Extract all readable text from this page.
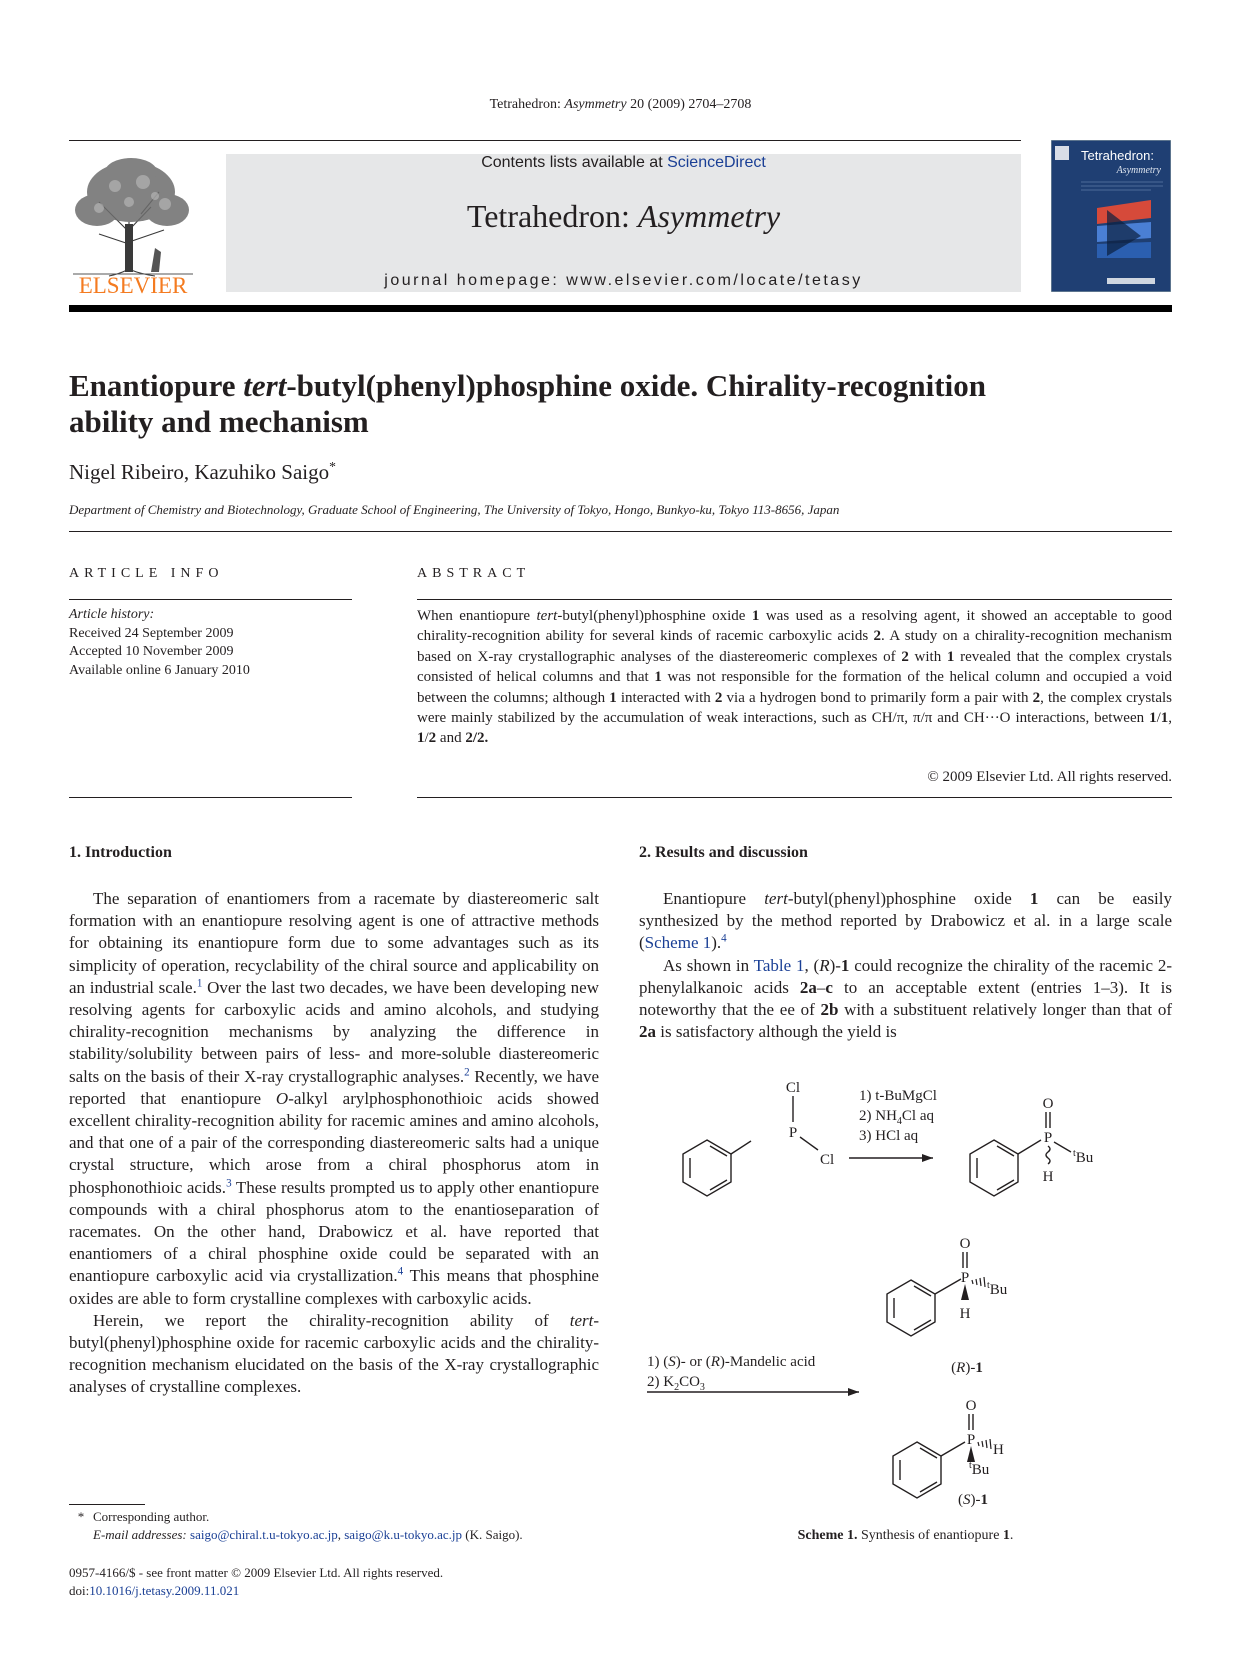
Tetrahedron: Asymmetry 20 (2009) 2704–2708
ELSEVIER
Contents lists available at ScienceDirect
Tetrahedron: Asymmetry
journal homepage: www.elsevier.com/locate/tetasy
Tetrahedron:
Asymmetry
Enantiopure tert-butyl(phenyl)phosphine oxide. Chirality-recognition
ability and mechanism
Nigel Ribeiro, Kazuhiko Saigo*
Department of Chemistry and Biotechnology, Graduate School of Engineering, The University of Tokyo, Hongo, Bunkyo-ku, Tokyo 113-8656, Japan
ARTICLE INFO
Article history:
Received 24 September 2009
Accepted 10 November 2009
Available online 6 January 2010
ABSTRACT
When enantiopure tert-butyl(phenyl)phosphine oxide 1 was used as a resolving agent, it showed an acceptable to good chirality-recognition ability for several kinds of racemic carboxylic acids 2. A study on a chirality-recognition mechanism based on X-ray crystallographic analyses of the diastereomeric complexes of 2 with 1 revealed that the complex crystals consisted of helical columns and that 1 was not responsible for the formation of the helical column and occupied a void between the columns; although 1 interacted with 2 via a hydrogen bond to primarily form a pair with 2, the complex crystals were mainly stabilized by the accumulation of weak interactions, such as CH/π, π/π and CH···O interactions, between 1/1, 1/2 and 2/2.
© 2009 Elsevier Ltd. All rights reserved.
1. Introduction

The separation of enantiomers from a racemate by diastereomeric salt formation with an enantiopure resolving agent is one of attractive methods for obtaining its enantiopure form due to some advantages such as its simplicity of operation, recyclability of the chiral source and applicability on an industrial scale.$^1$ Over the last two decades, we have been developing new resolving agents for carboxylic acids and amino alcohols, and studying chirality-recognition mechanisms by analyzing the difference in stability/solubility between pairs of less- and more-soluble diastereomeric salts on the basis of their X-ray crystallographic analyses.$^2$ Recently, we have reported that enantiopure O-alkyl arylphosphonothioic acids showed excellent chirality-recognition ability for racemic amines and amino alcohols, and that one of a pair of the corresponding diastereomeric salts had a unique crystal structure, which arose from a chiral phosphorus atom in phosphonothioic acids.$^3$ These results prompted us to apply other enantiopure compounds with a chiral phosphorus atom to the enantioseparation of racemates. On the other hand, Drabowicz et al. have reported that enantiomers of a chiral phosphine oxide could be separated with an enantiopure carboxylic acid via crystallization.$^4$ This means that phosphine oxides are able to form crystalline complexes with carboxylic acids.

Herein, we report the chirality-recognition ability of tert-butyl(phenyl)phosphine oxide for racemic carboxylic acids and the chirality-recognition mechanism elucidated on the basis of the X-ray crystallographic analyses of crystalline complexes.

2. Results and discussion

Enantiopure tert-butyl(phenyl)phosphine oxide 1 can be easily synthesized by the method reported by Drabowicz et al. in a large scale (Scheme 1).$^4$

As shown in Table 1, (R)-1 could recognize the chirality of the racemic 2-phenylalkanoic acids 2a–c to an acceptable extent (entries 1–3). It is noteworthy that the ee of 2b with a substituent relatively longer than that of 2a is satisfactory although the yield is

Cl
P
Cl
1) t-BuMgCl
2) $NH_4Cl$ aq
3) HCl aq
O
P
H
$^t$Bu
1) (S)- or (R)-Mandelic acid
2) $K_2CO_3$
O
P
H
$^t$Bu
(R)-1
O
P
H
$^t$Bu
(S)-1
Scheme 1. Synthesis of enantiopure 1.
* Corresponding author.
E-mail addresses: saigo@chiral.t.u-tokyo.ac.jp, saigo@k.u-tokyo.ac.jp (K. Saigo).
0957-4166/$ - see front matter © 2009 Elsevier Ltd. All rights reserved.
doi:10.1016/j.tetasy.2009.11.021
